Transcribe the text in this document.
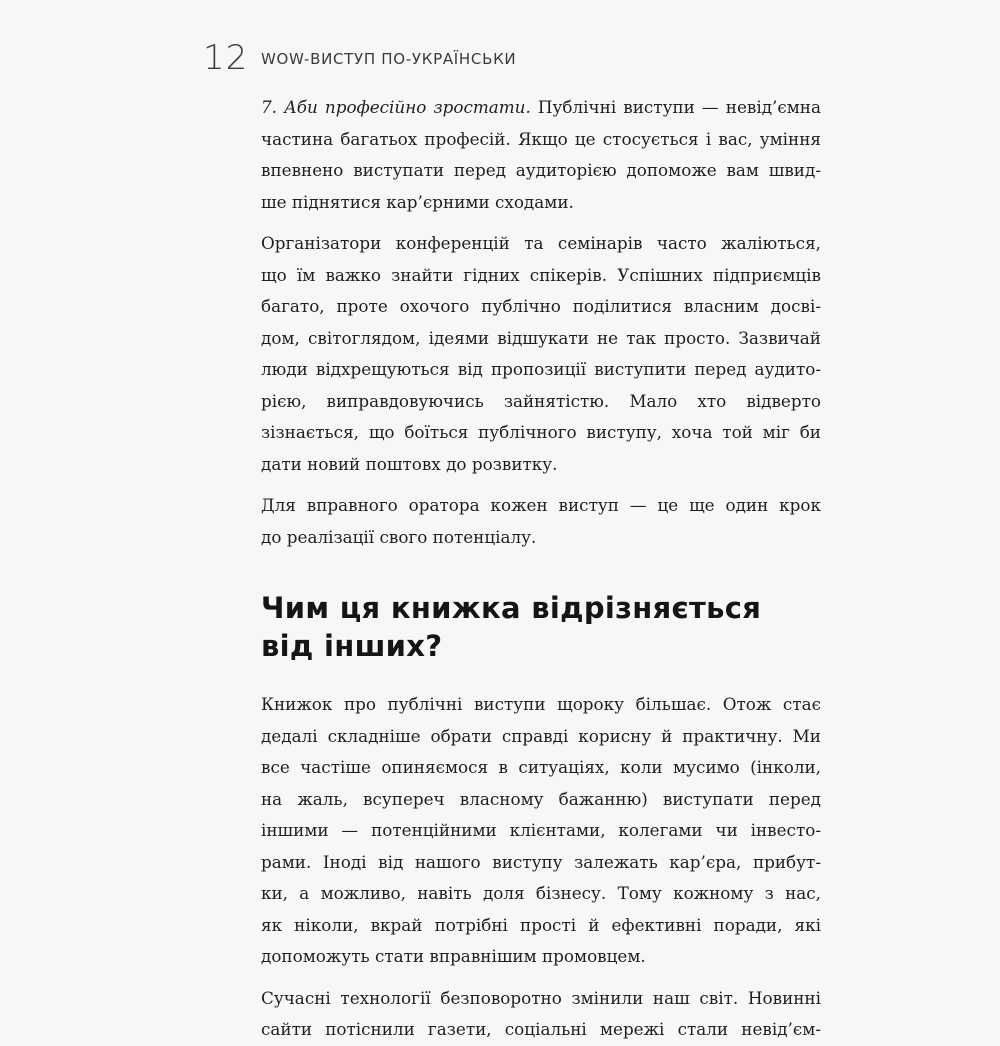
12 WOW-ВИСТУП ПО-УКРАЇНСЬКИ

7. Аби професійно зростати. Публічні виступи — невід’ємна
частина багатьох професій. Якщо це стосується і вас, уміння
впевнено виступати перед аудиторією допоможе вам швид-
ше піднятися кар’єрними сходами.

Організатори конференцій та семінарів часто жаліються,
що їм важко знайти гідних спікерів. Успішних підприємців
багато, проте охочого публічно поділитися власним досві-
дом, світоглядом, ідеями відшукати не так просто. Зазвичай
люди відхрещуються від пропозиції виступити перед аудито-
рією, виправдовуючись зайнятістю. Мало хто відверто
зізнається, що боїться публічного виступу, хоча той міг би
дати новий поштовх до розвитку.

Для вправного оратора кожен виступ — це ще один крок
до реалізації свого потенціалу.

Чим ця книжка відрізняється
від інших?

Книжок про публічні виступи щороку більшає. Отож стає
дедалі складніше обрати справді корисну й практичну. Ми
все частіше опиняємося в ситуаціях, коли мусимо (інколи,
на жаль, всупереч власному бажанню) виступати перед
іншими — потенційними клієнтами, колегами чи інвесто-
рами. Іноді від нашого виступу залежать кар’єра, прибут-
ки, а можливо, навіть доля бізнесу. Тому кожному з нас,
як ніколи, вкрай потрібні прості й ефективні поради, які
допоможуть стати вправнішим промовцем.

Сучасні технології безповоротно змінили наш світ. Новинні
сайти потіснили газети, соціальні мережі стали невід’єм-
